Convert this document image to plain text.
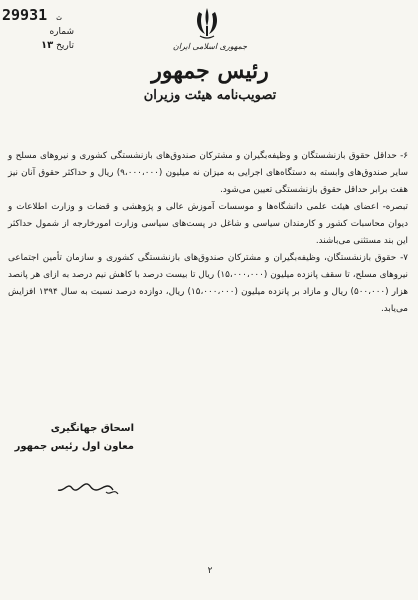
29931 ت
شماره
تاریخ ۱۳	جمهوری اسلامی ایران
رئیس جمهور
تصویب‌نامه هیئت وزیران

۶- حداقل حقوق بازنشستگان و وظیفه‌بگیران و مشترکان صندوق‌های بازنشستگی کشوری و نیروهای مسلح و سایر صندوق‌های وابسته به دستگاه‌های اجرایی به میزان نه میلیون (۹،۰۰۰،۰۰۰) ریال و حداکثر حقوق آنان نیز هفت برابر حداقل حقوق بازنشستگی تعیین می‌شود.

تبصره- اعضای هیئت علمی دانشگاه‌ها و موسسات آموزش عالی و پژوهشی و قضات و وزارت اطلاعات و دیوان محاسبات کشور و کارمندان سیاسی و شاغل در پست‌های سیاسی وزارت امورخارجه از شمول حداکثر این بند مستثنی می‌باشند.

۷- حقوق بازنشستگان، وظیفه‌بگیران و مشترکان صندوق‌های بازنشستگی کشوری و سازمان تأمین اجتماعی نیروهای مسلح، تا سقف پانزده میلیون (۱۵،۰۰۰،۰۰۰) ریال تا بیست درصد با کاهش نیم درصد به ازای هر پانصد هزار (۵۰۰،۰۰۰) ریال و مازاد بر پانزده میلیون (۱۵،۰۰۰،۰۰۰) ریال، دوازده درصد نسبت به سال ۱۳۹۴ افزایش می‌یابد.

اسحاق جهانگیری
معاون اول رئیس جمهور
۲
